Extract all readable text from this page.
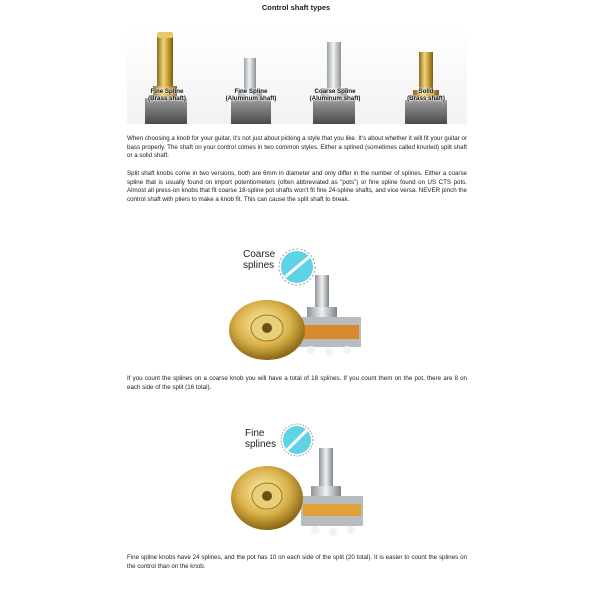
Control shaft types
Fine Spline
(Brass shaft)
Fine Spline
(Aluminum shaft)
Coarse Spline
(Aluminum shaft)
Solid
(Brass shaft)

When choosing a knob for your guitar, it's not just about picking a style that you like. It's about whether it will fit your guitar or bass properly. The shaft on your control comes in two common styles. Either a splined (sometimes called knurled) split shaft or a solid shaft.

Split shaft knobs come in two versions, both are 6mm in diameter and only differ in the number of splines. Either a coarse spline that is usually found on import potentiometers (often abbreviated as "pots") or fine spline found on US CTS pots. Almost all press-on knobs that fit coarse 18-spline pot shafts won't fit fine 24-spline shafts, and vice versa. NEVER pinch the control shaft with pliers to make a knob fit. This can cause the split shaft to break.

Coarse
splines

If you count the splines on a coarse knob you will have a total of 18 splines. If you count them on the pot, there are 8 on each side of the split (16 total).

Fine
splines

Fine spline knobs have 24 splines, and the pot has 10 on each side of the split (20 total). It is easier to count the splines on the control than on the knob.
